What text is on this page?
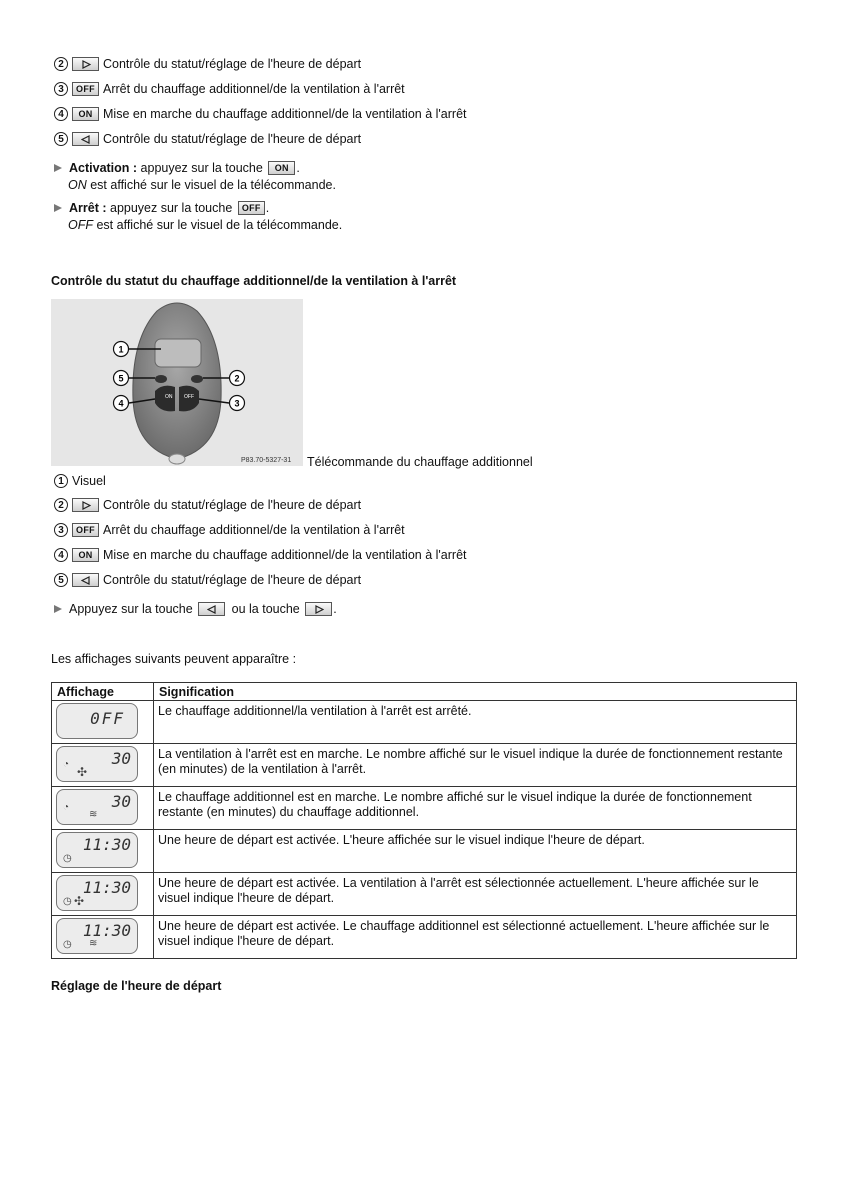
2	Contrôle du statut/réglage de l'heure de départ
3	OFF Arrêt du chauffage additionnel/de la ventilation à l'arrêt
4	ON Mise en marche du chauffage additionnel/de la ventilation à l'arrêt
5	Contrôle du statut/réglage de l'heure de départ
Activation : appuyez sur la touche ON .
ON est affiché sur le visuel de la télécommande.
Arrêt : appuyez sur la touche OFF .
OFF est affiché sur le visuel de la télécommande.
Contrôle du statut du chauffage additionnel/de la ventilation à l'arrêt
ON OFF
1
2
3
4
5
P83.70-5327-31 Télécommande du chauffage additionnel
1 Visuel
2	Contrôle du statut/réglage de l'heure de départ
3	OFF Arrêt du chauffage additionnel/de la ventilation à l'arrêt
4	ON Mise en marche du chauffage additionnel/de la ventilation à l'arrêt
5	Contrôle du statut/réglage de l'heure de départ
Appuyez sur la touche	ou la touche .
Les affichages suivants peuvent apparaître :
Affichage	Signification

0FF	Le chauffage additionnel/la ventilation à l'arrêt est arrêté.

30
◔
✣	La ventilation à l'arrêt est en marche. Le nombre affiché sur le visuel indique la durée de fonctionnement restante (en minutes) de la ventilation à l'arrêt.

30
◔
≋	Le chauffage additionnel est en marche. Le nombre affiché sur le visuel indique la durée de fonctionnement restante (en minutes) du chauffage additionnel.

11:30
◷	Une heure de départ est activée. L'heure affichée sur le visuel indique l'heure de départ.

11:30
◷ ✣	Une heure de départ est activée. La ventilation à l'arrêt est sélectionnée actuellement. L'heure affichée sur le visuel indique l'heure de départ.

11:30
◷ ≋	Une heure de départ est activée. Le chauffage additionnel est sélectionné actuellement. L'heure affichée sur le visuel indique l'heure de départ.
Réglage de l'heure de départ
